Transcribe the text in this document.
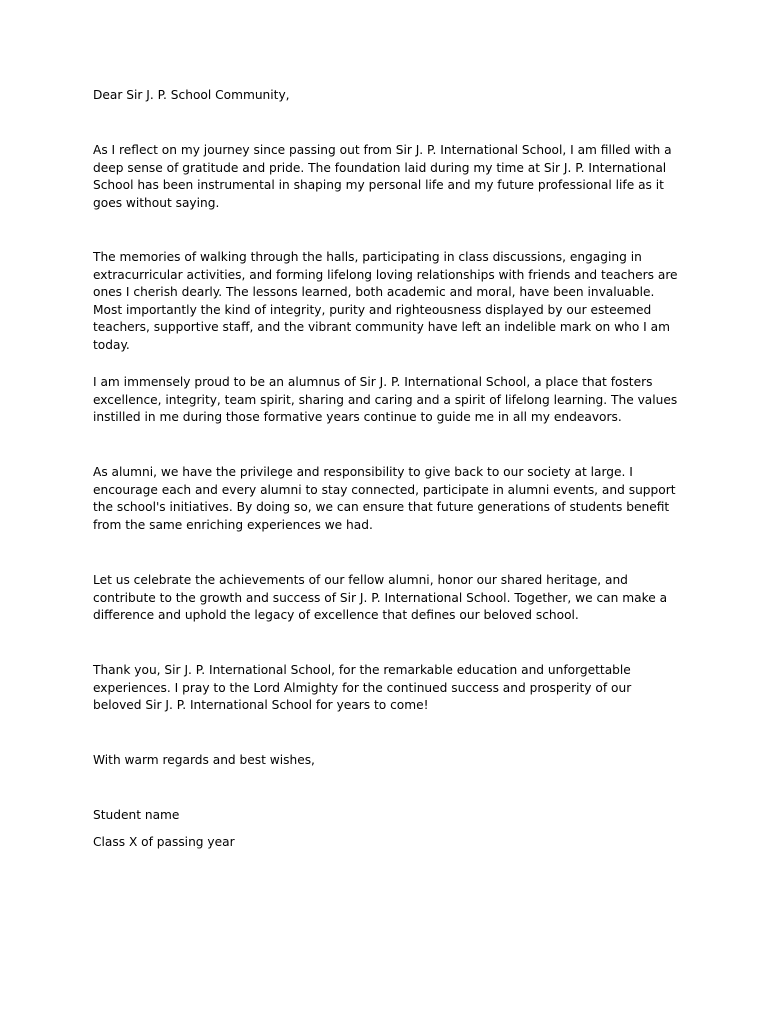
Dear Sir J. P. School Community,

As I reflect on my journey since passing out from Sir J. P. International School, I am filled with a deep sense of gratitude and pride. The foundation laid during my time at Sir J. P. International School has been instrumental in shaping my personal life and my future professional life as it goes without saying.

The memories of walking through the halls, participating in class discussions, engaging in extracurricular activities, and forming lifelong loving relationships with friends and teachers are ones I cherish dearly. The lessons learned, both academic and moral, have been invaluable. Most importantly the kind of integrity, purity and righteousness displayed by our esteemed teachers, supportive staff, and the vibrant community have left an indelible mark on who I am today.

I am immensely proud to be an alumnus of Sir J. P. International School, a place that fosters excellence, integrity, team spirit, sharing and caring and a spirit of lifelong learning. The values instilled in me during those formative years continue to guide me in all my endeavors.

As alumni, we have the privilege and responsibility to give back to our society at large. I encourage each and every alumni to stay connected, participate in alumni events, and support the school's initiatives. By doing so, we can ensure that future generations of students benefit from the same enriching experiences we had.

Let us celebrate the achievements of our fellow alumni, honor our shared heritage, and contribute to the growth and success of Sir J. P. International School. Together, we can make a difference and uphold the legacy of excellence that defines our beloved school.

Thank you, Sir J. P. International School, for the remarkable education and unforgettable experiences. I pray to the Lord Almighty for the continued success and prosperity of our beloved Sir J. P. International School for years to come!

With warm regards and best wishes,

Student name

Class X of passing year
